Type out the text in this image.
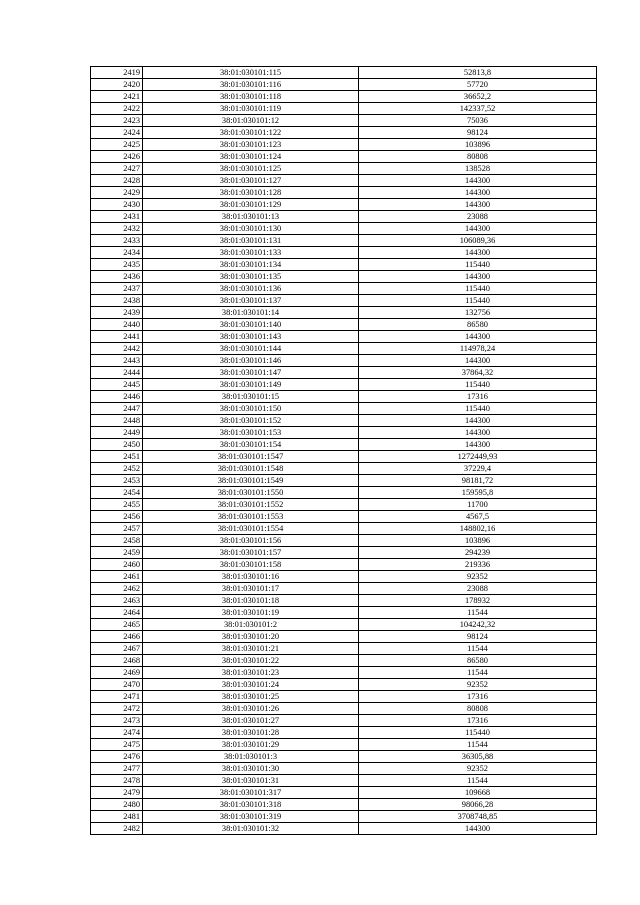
2419	38:01:030101:115	52813,8
2420	38:01:030101:116	57720
2421	38:01:030101:118	36652,2
2422	38:01:030101:119	142337,52
2423	38:01:030101:12	75036
2424	38:01:030101:122	98124
2425	38:01:030101:123	103896
2426	38:01:030101:124	80808
2427	38:01:030101:125	138528
2428	38:01:030101:127	144300
2429	38:01:030101:128	144300
2430	38:01:030101:129	144300
2431	38:01:030101:13	23088
2432	38:01:030101:130	144300
2433	38:01:030101:131	106089,36
2434	38:01:030101:133	144300
2435	38:01:030101:134	115440
2436	38:01:030101:135	144300
2437	38:01:030101:136	115440
2438	38:01:030101:137	115440
2439	38:01:030101:14	132756
2440	38:01:030101:140	86580
2441	38:01:030101:143	144300
2442	38:01:030101:144	114978,24
2443	38:01:030101:146	144300
2444	38:01:030101:147	37864,32
2445	38:01:030101:149	115440
2446	38:01:030101:15	17316
2447	38:01:030101:150	115440
2448	38:01:030101:152	144300
2449	38:01:030101:153	144300
2450	38:01:030101:154	144300
2451	38:01:030101:1547	1272449,93
2452	38:01:030101:1548	37229,4
2453	38:01:030101:1549	98181,72
2454	38:01:030101:1550	159595,8
2455	38:01:030101:1552	11700
2456	38:01:030101:1553	4567,5
2457	38:01:030101:1554	148802,16
2458	38:01:030101:156	103896
2459	38:01:030101:157	294239
2460	38:01:030101:158	219336
2461	38:01:030101:16	92352
2462	38:01:030101:17	23088
2463	38:01:030101:18	178932
2464	38:01:030101:19	11544
2465	38:01:030101:2	104242,32
2466	38:01:030101:20	98124
2467	38:01:030101:21	11544
2468	38:01:030101:22	86580
2469	38:01:030101:23	11544
2470	38:01:030101:24	92352
2471	38:01:030101:25	17316
2472	38:01:030101:26	80808
2473	38:01:030101:27	17316
2474	38:01:030101:28	115440
2475	38:01:030101:29	11544
2476	38:01:030101:3	36305,88
2477	38:01:030101:30	92352
2478	38:01:030101:31	11544
2479	38:01:030101:317	109668
2480	38:01:030101:318	98066,28
2481	38:01:030101:319	3708748,85
2482	38:01:030101:32	144300
